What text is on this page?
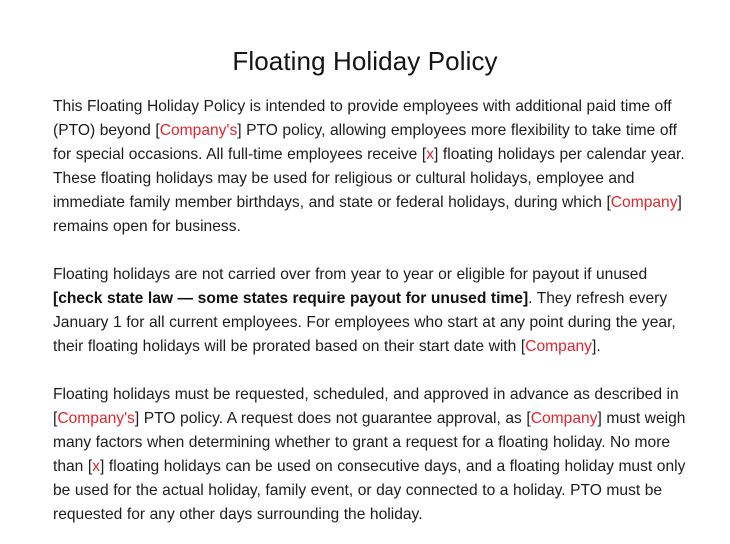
Floating Holiday Policy

This Floating Holiday Policy is intended to provide employees with additional paid time off (PTO) beyond [Company's] PTO policy, allowing employees more flexibility to take time off for special occasions. All full-time employees receive [x] floating holidays per calendar year. These floating holidays may be used for religious or cultural holidays, employee and immediate family member birthdays, and state or federal holidays, during which [Company] remains open for business.

Floating holidays are not carried over from year to year or eligible for payout if unused [check state law — some states require payout for unused time]. They refresh every January 1 for all current employees. For employees who start at any point during the year, their floating holidays will be prorated based on their start date with [Company].

Floating holidays must be requested, scheduled, and approved in advance as described in [Company's] PTO policy. A request does not guarantee approval, as [Company] must weigh many factors when determining whether to grant a request for a floating holiday. No more than [x] floating holidays can be used on consecutive days, and a floating holiday must only be used for the actual holiday, family event, or day connected to a holiday. PTO must be requested for any other days surrounding the holiday.
